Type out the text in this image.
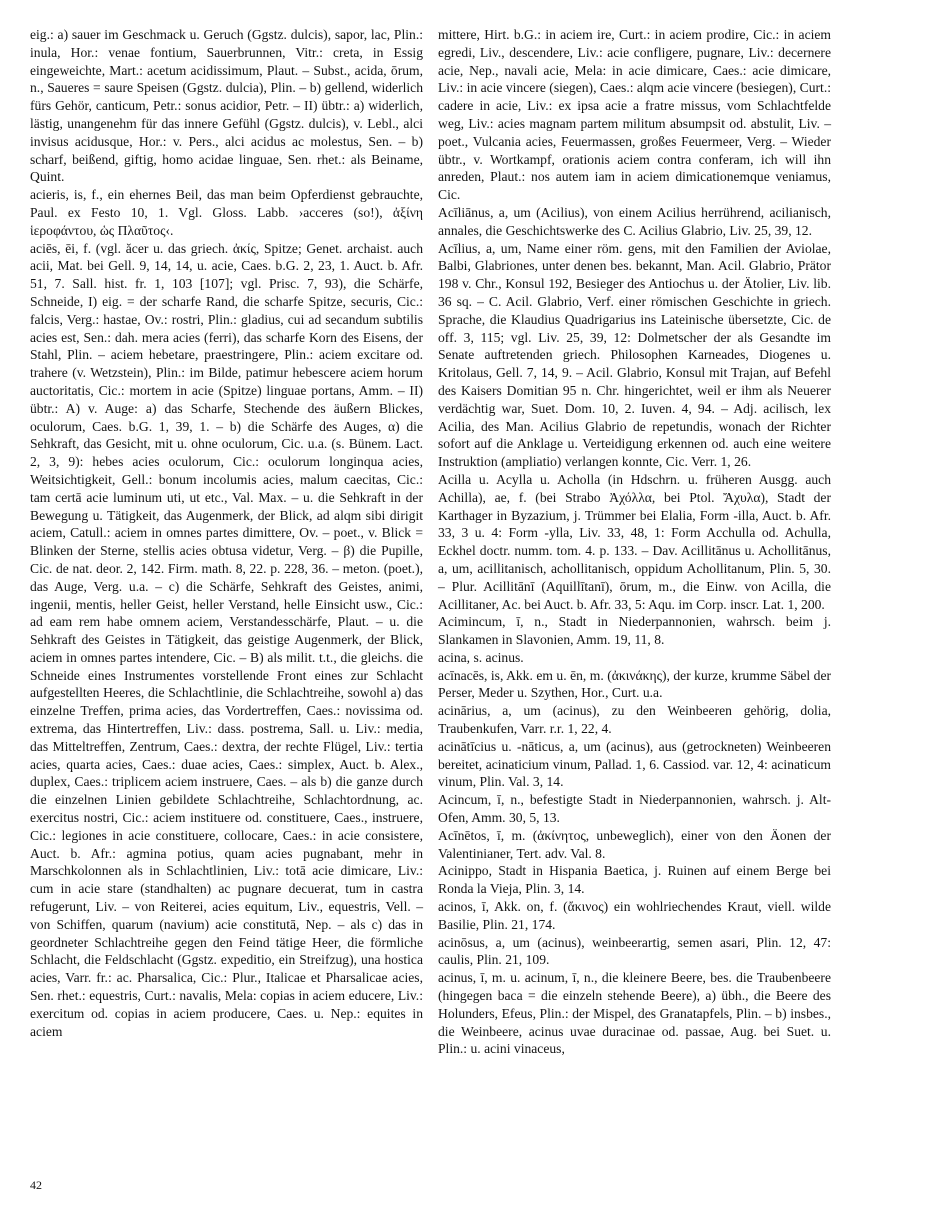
eig.: a) sauer im Geschmack u. Geruch (Ggstz. dulcis), sapor, lac, Plin.: inula, Hor.: venae fontium, Sauerbrunnen, Vitr.: creta, in Essig eingeweichte, Mart.: acetum acidissimum, Plaut. – Subst., acida, ōrum, n., Saueres = saure Speisen (Ggstz. dulcia), Plin. – b) gellend, widerlich fürs Gehör, canticum, Petr.: sonus acidior, Petr. – II) übtr.: a) widerlich, lästig, unangenehm für das innere Gefühl (Ggstz. dulcis), v. Lebl., alci invisus acidusque, Hor.: v. Pers., alci acidus ac molestus, Sen. – b) scharf, beißend, giftig, homo acidae linguae, Sen. rhet.: als Beiname, Quint.

acieris, is, f., ein ehernes Beil, das man beim Opferdienst gebrauchte, Paul. ex Festo 10, 1. Vgl. Gloss. Labb. ›acceres (so!), ἀξίνη ἱεροφάντου, ὡς Πλαῦτος‹.

aciēs, ēi, f. (vgl. ăcer u. das griech. ἀκίς, Spitze; Genet. archaist. auch acii, Mat. bei Gell. 9, 14, 14, u. acie, Caes. b.G. 2, 23, 1. Auct. b. Afr. 51, 7. Sall. hist. fr. 1, 103 [107]; vgl. Prisc. 7, 93), die Schärfe, Schneide, I) eig. = der scharfe Rand, die scharfe Spitze, securis, Cic.: falcis, Verg.: hastae, Ov.: rostri, Plin.: gladius, cui ad secandum subtilis acies est, Sen.: dah. mera acies (ferri), das scharfe Korn des Eisens, der Stahl, Plin. – aciem hebetare, praestringere, Plin.: aciem excitare od. trahere (v. Wetzstein), Plin.: im Bilde, patimur hebescere aciem horum auctoritatis, Cic.: mortem in acie (Spitze) linguae portans, Amm. – II) übtr.: A) v. Auge: a) das Scharfe, Stechende des äußern Blickes, oculorum, Caes. b.G. 1, 39, 1. – b) die Schärfe des Auges, α) die Sehkraft, das Gesicht, mit u. ohne oculorum, Cic. u.a. (s. Bünem. Lact. 2, 3, 9): hebes acies oculorum, Cic.: oculorum longinqua acies, Weitsichtigkeit, Gell.: bonum incolumis acies, malum caecitas, Cic.: tam certā acie luminum uti, ut etc., Val. Max. – u. die Sehkraft in der Bewegung u. Tätigkeit, das Augenmerk, der Blick, ad alqm sibi dirigit aciem, Catull.: aciem in omnes partes dimittere, Ov. – poet., v. Blick = Blinken der Sterne, stellis acies obtusa videtur, Verg. – β) die Pupille, Cic. de nat. deor. 2, 142. Firm. math. 8, 22. p. 228, 36. – meton. (poet.), das Auge, Verg. u.a. – c) die Schärfe, Sehkraft des Geistes, animi, ingenii, mentis, heller Geist, heller Verstand, helle Einsicht usw., Cic.: ad eam rem habe omnem aciem, Verstandesschärfe, Plaut. – u. die Sehkraft des Geistes in Tätigkeit, das geistige Augenmerk, der Blick, aciem in omnes partes intendere, Cic. – B) als milit. t.t., die gleichs. die Schneide eines Instrumentes vorstellende Front eines zur Schlacht aufgestellten Heeres, die Schlachtlinie, die Schlachtreihe, sowohl a) das einzelne Treffen, prima acies, das Vordertreffen, Caes.: novissima od. extrema, das Hintertreffen, Liv.: dass. postrema, Sall. u. Liv.: media, das Mitteltreffen, Zentrum, Caes.: dextra, der rechte Flügel, Liv.: tertia acies, quarta acies, Caes.: duae acies, Caes.: simplex, Auct. b. Alex., duplex, Caes.: triplicem aciem instruere, Caes. – als b) die ganze durch die einzelnen Linien gebildete Schlachtreihe, Schlachtordnung, ac. exercitus nostri, Cic.: aciem instituere od. constituere, Caes., instruere, Cic.: legiones in acie constituere, collocare, Caes.: in acie consistere, Auct. b. Afr.: agmina potius, quam acies pugnabant, mehr in Marschkolonnen als in Schlachtlinien, Liv.: totā acie dimicare, Liv.: cum in acie stare (standhalten) ac pugnare decuerat, tum in castra refugerunt, Liv. – von Reiterei, acies equitum, Liv., equestris, Vell. – von Schiffen, quarum (navium) acie constitutā, Nep. – als c) das in geordneter Schlachtreihe gegen den Feind tätige Heer, die förmliche Schlacht, die Feldschlacht (Ggstz. expeditio, ein Streifzug), una hostica acies, Varr. fr.: ac. Pharsalica, Cic.: Plur., Italicae et Pharsalicae acies, Sen. rhet.: equestris, Curt.: navalis, Mela: copias in aciem educere, Liv.: exercitum od. copias in aciem producere, Caes. u. Nep.: equites in aciem

mittere, Hirt. b.G.: in aciem ire, Curt.: in aciem prodire, Cic.: in aciem egredi, Liv., descendere, Liv.: acie confligere, pugnare, Liv.: decernere acie, Nep., navali acie, Mela: in acie dimicare, Caes.: acie dimicare, Liv.: in acie vincere (siegen), Caes.: alqm acie vincere (besiegen), Curt.: cadere in acie, Liv.: ex ipsa acie a fratre missus, vom Schlachtfelde weg, Liv.: acies magnam partem militum absumpsit od. abstulit, Liv. – poet., Vulcania acies, Feuermassen, großes Feuermeer, Verg. – Wieder übtr., v. Wortkampf, orationis aciem contra conferam, ich will ihn anreden, Plaut.: nos autem iam in aciem dimicationemque veniamus, Cic.

Acīliānus, a, um (Acilius), von einem Acilius herrührend, acilianisch, annales, die Geschichtswerke des C. Acilius Glabrio, Liv. 25, 39, 12.

Acīlius, a, um, Name einer röm. gens, mit den Familien der Aviolae, Balbi, Glabriones, unter denen bes. bekannt, Man. Acil. Glabrio, Prätor 198 v. Chr., Konsul 192, Besieger des Antiochus u. der Ätolier, Liv. lib. 36 sq. – C. Acil. Glabrio, Verf. einer römischen Geschichte in griech. Sprache, die Klaudius Quadrigarius ins Lateinische übersetzte, Cic. de off. 3, 115; vgl. Liv. 25, 39, 12: Dolmetscher der als Gesandte im Senate auftretenden griech. Philosophen Karneades, Diogenes u. Kritolaus, Gell. 7, 14, 9. – Acil. Glabrio, Konsul mit Trajan, auf Befehl des Kaisers Domitian 95 n. Chr. hingerichtet, weil er ihm als Neuerer verdächtig war, Suet. Dom. 10, 2. Iuven. 4, 94. – Adj. acilisch, lex Acilia, des Man. Acilius Glabrio de repetundis, wonach der Richter sofort auf die Anklage u. Verteidigung erkennen od. auch eine weitere Instruktion (ampliatio) verlangen konnte, Cic. Verr. 1, 26.

Acilla u. Acylla u. Acholla (in Hdschrn. u. früheren Ausgg. auch Achilla), ae, f. (bei Strabo Ἀχόλλα, bei Ptol. Ἄχυλα), Stadt der Karthager in Byzazium, j. Trümmer bei Elalia, Form -illa, Auct. b. Afr. 33, 3 u. 4: Form -ylla, Liv. 33, 48, 1: Form Acchulla od. Achulla, Eckhel doctr. numm. tom. 4. p. 133. – Dav. Acillitānus u. Achollitānus, a, um, acillitanisch, achollitanisch, oppidum Achollitanum, Plin. 5, 30. – Plur. Acillitānī (Aquillītanī), ōrum, m., die Einw. von Acilla, die Acillitaner, Ac. bei Auct. b. Afr. 33, 5: Aqu. im Corp. inscr. Lat. 1, 200.

Acimincum, ī, n., Stadt in Niederpannonien, wahrsch. beim j. Slankamen in Slavonien, Amm. 19, 11, 8.

acina, s. acinus.

acīnacēs, is, Akk. em u. ēn, m. (ἀκινάκης), der kurze, krumme Säbel der Perser, Meder u. Szythen, Hor., Curt. u.a.

acinārius, a, um (acinus), zu den Weinbeeren gehörig, dolia, Traubenkufen, Varr. r.r. 1, 22, 4.

acinātīcius u. -nāticus, a, um (acinus), aus (getrockneten) Weinbeeren bereitet, acinaticium vinum, Pallad. 1, 6. Cassiod. var. 12, 4: acinaticum vinum, Plin. Val. 3, 14.

Acincum, ī, n., befestigte Stadt in Niederpannonien, wahrsch. j. Alt-Ofen, Amm. 30, 5, 13.

Acīnētos, ī, m. (ἀκίνητος, unbeweglich), einer von den Äonen der Valentinianer, Tert. adv. Val. 8.

Acinippo, Stadt in Hispania Baetica, j. Ruinen auf einem Berge bei Ronda la Vieja, Plin. 3, 14.

acinos, ī, Akk. on, f. (ἄκινος) ein wohlriechendes Kraut, viell. wilde Basilie, Plin. 21, 174.

acinōsus, a, um (acinus), weinbeerartig, semen asari, Plin. 12, 47: caulis, Plin. 21, 109.

acinus, ī, m. u. acinum, ī, n., die kleinere Beere, bes. die Traubenbeere (hingegen baca = die einzeln stehende Beere), a) übh., die Beere des Holunders, Efeus, Plin.: der Mispel, des Granatapfels, Plin. – b) insbes., die Weinbeere, acinus uvae duracinae od. passae, Aug. bei Suet. u. Plin.: u. acini vinaceus,

42
